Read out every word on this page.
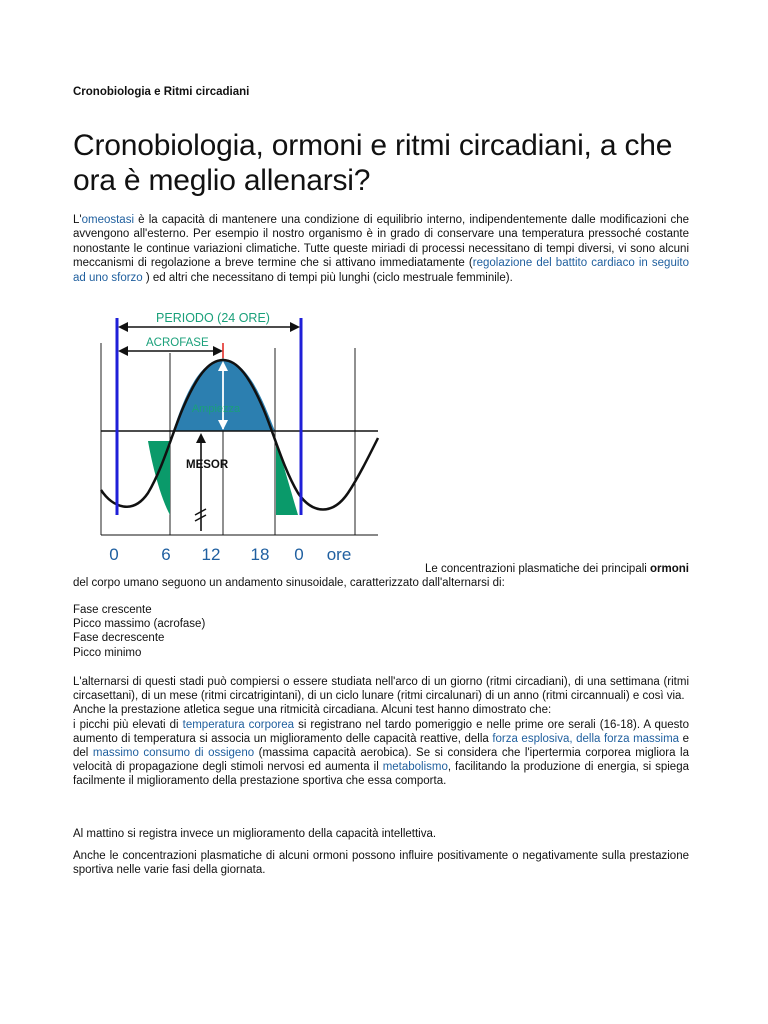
Cronobiologia e Ritmi circadiani
Cronobiologia, ormoni e ritmi circadiani, a che ora è meglio allenarsi?
L'omeostasi è la capacità di mantenere una condizione di equilibrio interno, indipendentemente dalle modificazioni che avvengono all'esterno. Per esempio il nostro organismo è in grado di conservare una temperatura pressoché costante nonostante le continue variazioni climatiche. Tutte queste miriadi di processi necessitano di tempi diversi, vi sono alcuni meccanismi di regolazione a breve termine che si attivano immediatamente (regolazione del battito cardiaco in seguito ad uno sforzo ) ed altri che necessitano di tempi più lunghi (ciclo mestruale femminile).
PERIODO (24 ORE)
ACROFASE
Ampiezza
MESOR
0	6 12 18 0 ore
Le concentrazioni plasmatiche dei principali ormoni
del corpo umano seguono un andamento sinusoidale, caratterizzato dall'alternarsi di:
Fase crescente
Picco massimo (acrofase)
Fase decrescente
Picco minimo
L'alternarsi di questi stadi può compiersi o essere studiata nell'arco di un giorno (ritmi circadiani), di una settimana (ritmi circasettani), di un mese (ritmi circatrigintani), di un ciclo lunare (ritmi circalunari) di un anno (ritmi circannuali) e così via.
Anche la prestazione atletica segue una ritmicità circadiana. Alcuni test hanno dimostrato che:
i picchi più elevati di temperatura corporea si registrano nel tardo pomeriggio e nelle prime ore serali (16-18). A questo aumento di temperatura si associa un miglioramento delle capacità reattive, della forza esplosiva, della forza massima e del massimo consumo di ossigeno (massima capacità aerobica). Se si considera che l'ipertermia corporea migliora la velocità di propagazione degli stimoli nervosi ed aumenta il metabolismo, facilitando la produzione di energia, si spiega facilmente il miglioramento della prestazione sportiva che essa comporta.
Al mattino si registra invece un miglioramento della capacità intellettiva.
Anche le concentrazioni plasmatiche di alcuni ormoni possono influire positivamente o negativamente sulla prestazione sportiva nelle varie fasi della giornata.
